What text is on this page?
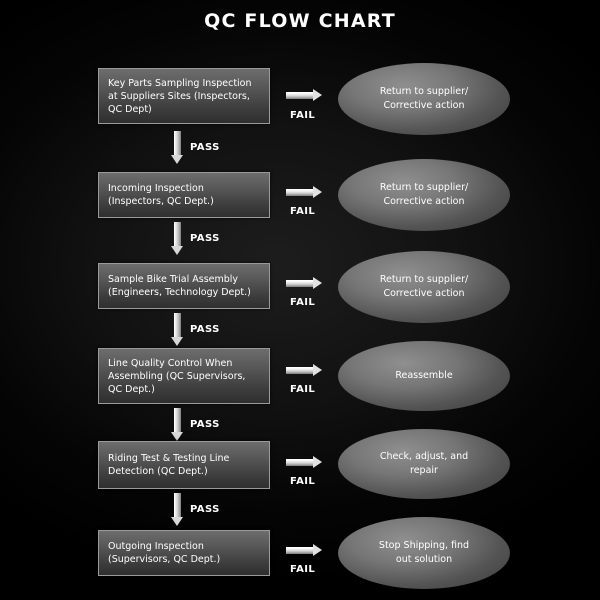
QC FLOW CHART
Key Parts Sampling Inspection at Suppliers Sites (Inspectors, QC Dept)
FAIL
Return to supplier/ Corrective action
PASS
Incoming Inspection (Inspectors, QC Dept.)
FAIL
Return to supplier/ Corrective action
PASS
Sample Bike Trial Assembly (Engineers, Technology Dept.)
FAIL
Return to supplier/ Corrective action
PASS
Line Quality Control When Assembling (QC Supervisors, QC Dept.)	FAIL
Reassemble
PASS
Riding Test & Testing Line Detection (QC Dept.)
FAIL
Check, adjust, and repair
PASS
Outgoing Inspection (Supervisors, QC Dept.)
FAIL
Stop Shipping, find out solution
